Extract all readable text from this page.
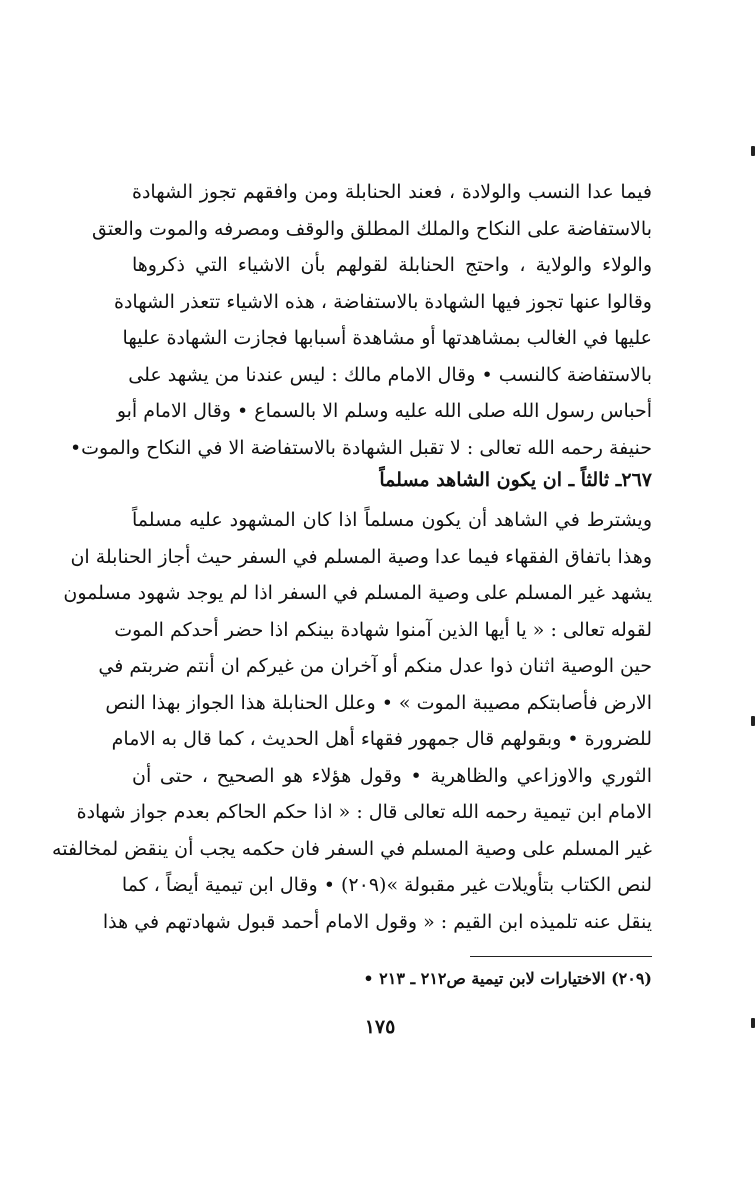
فيما عدا النسب والولادة ، فعند الحنابلة ومن وافقهم تجوز الشهادة
بالاستفاضة على النكاح والملك المطلق والوقف ومصرفه والموت والعتق
والولاء والولاية ، واحتج الحنابلة لقولهم بأن الاشياء التي ذكروها
وقالوا عنها تجوز فيها الشهادة بالاستفاضة ، هذه الاشياء تتعذر الشهادة
عليها في الغالب بمشاهدتها أو مشاهدة أسبابها فجازت الشهادة عليها
بالاستفاضة كالنسب • وقال الامام مالك : ليس عندنا من يشهد على
أحباس رسول الله صلى الله عليه وسلم الا بالسماع • وقال الامام أبو
حنيفة رحمه الله تعالى : لا تقبل الشهادة بالاستفاضة الا في النكاح والموت•
٢٦٧ـ ثالثاً ـ ان يكون الشاهد مسلماً
ويشترط في الشاهد أن يكون مسلماً اذا كان المشهود عليه مسلماً
وهذا باتفاق الفقهاء فيما عدا وصية المسلم في السفر حيث أجاز الحنابلة ان
يشهد غير المسلم على وصية المسلم في السفر اذا لم يوجد شهود مسلمون
لقوله تعالى : « يا أيها الذين آمنوا شهادة بينكم اذا حضر أحدكم الموت
حين الوصية اثنان ذوا عدل منكم أو آخران من غيركم ان أنتم ضربتم في
الارض فأصابتكم مصيبة الموت » • وعلل الحنابلة هذا الجواز بهذا النص
للضرورة • وبقولهم قال جمهور فقهاء أهل الحديث ، كما قال به الامام
الثوري والاوزاعي والظاهرية • وقول هؤلاء هو الصحيح ، حتى أن
الامام ابن تيمية رحمه الله تعالى قال : « اذا حكم الحاكم بعدم جواز شهادة
غير المسلم على وصية المسلم في السفر فان حكمه يجب أن ينقض لمخالفته
لنص الكتاب بتأويلات غير مقبولة »(٢٠٩) • وقال ابن تيمية أيضاً ، كما
ينقل عنه تلميذه ابن القيم : « وقول الامام أحمد قبول شهادتهم في هذا
(٢٠٩) الاختيارات لابن تيمية ص٢١٢ ـ ٢١٣ •
١٧٥
